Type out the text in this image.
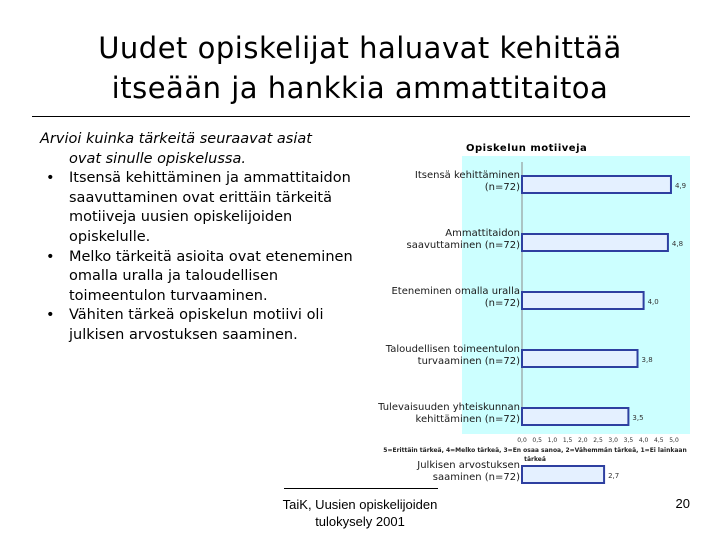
Uudet opiskelijat haluavat kehittää
itseään ja hankkia ammattitaitoa
Arvioi kuinka tärkeitä seuraavat asiat
ovat sinulle opiskelussa.
• Itsensä kehittäminen ja ammattitaidon saavuttaminen ovat erittäin tärkeitä motiiveja uusien opiskelijoiden opiskelulle.
• Melko tärkeitä asioita ovat eteneminen omalla uralla ja taloudellisen toimeentulon turvaaminen.
• Vähiten tärkeä opiskelun motiivi oli julkisen arvostuksen saaminen.
Opiskelun motiiveja
Itsensä kehittäminen (n=72)	4,9
Ammattitaidon saavuttaminen (n=72)	4,8
Eteneminen omalla uralla (n=72)	4,0
Taloudellisen toimeentulon turvaaminen (n=72)	3,8
Tulevaisuuden yhteiskunnan kehittäminen (n=72)	3,5
Julkisen arvostuksen saaminen (n=72)	2,7
0,0 0,5 1,0 1,5 2,0 2,5 3,0 3,5 4,0 4,5 5,0
5=Erittäin tärkeä, 4=Melko tärkeä, 3=En osaa sanoa, 2=Vähemmän tärkeä, 1=Ei lainkaan tärkeä
TaiK, Uusien opiskelijoiden
tulokysely 2001
20
